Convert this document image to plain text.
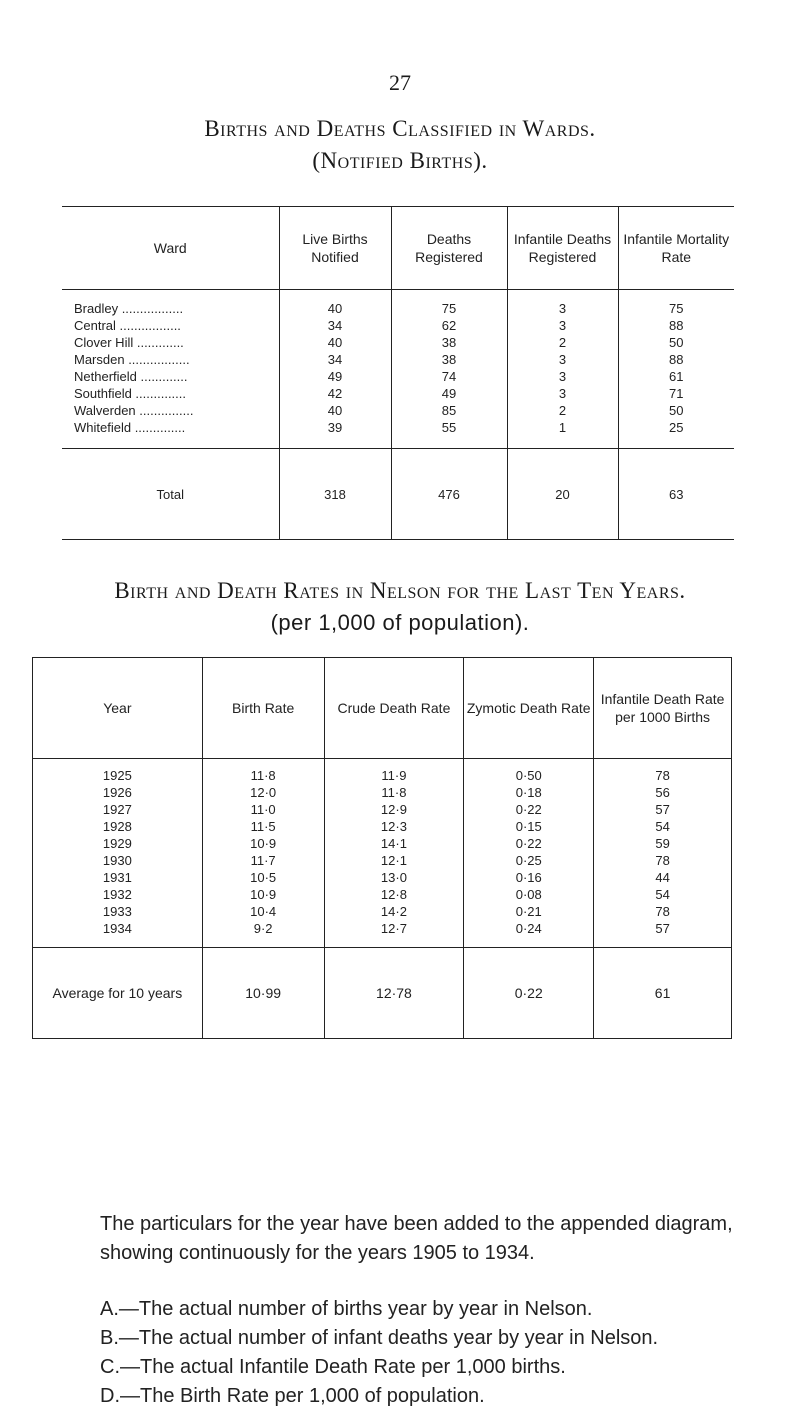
27
Births and Deaths Classified in Wards.
(Notified Births).
Ward	Live Births Notified	Deaths Registered	Infantile Deaths Registered	Infantile Mortality Rate
Bradley .................	40	75	3	75
Central .................	34	62	3	88
Clover Hill .............	40	38	2	50
Marsden .................	34	38	3	88
Netherfield .............	49	74	3	61
Southfield ..............	42	49	3	71
Walverden ...............	40	85	2	50
Whitefield ..............	39	55	1	25
Total	318	476	20	63
Birth and Death Rates in Nelson for the Last Ten Years.
(per 1,000 of population).
Year	Birth Rate	Crude Death Rate	Zymotic Death Rate	Infantile Death Rate per 1000 Births
1925	11·8	11·9	0·50	78
1926	12·0	11·8	0·18	56
1927	11·0	12·9	0·22	57
1928	11·5	12·3	0·15	54
1929	10·9	14·1	0·22	59
1930	11·7	12·1	0·25	78
1931	10·5	13·0	0·16	44
1932	10·9	12·8	0·08	54
1933	10·4	14·2	0·21	78
1934	9·2	12·7	0·24	57
Average for 10 years	10·99	12·78	0·22	61

The particulars for the year have been added to the appended diagram, showing continuously for the years 1905 to 1934.

A.—The actual number of births year by year in Nelson.
B.—The actual number of infant deaths year by year in Nelson.
C.—The actual Infantile Death Rate per 1,000 births.
D.—The Birth Rate per 1,000 of population.
